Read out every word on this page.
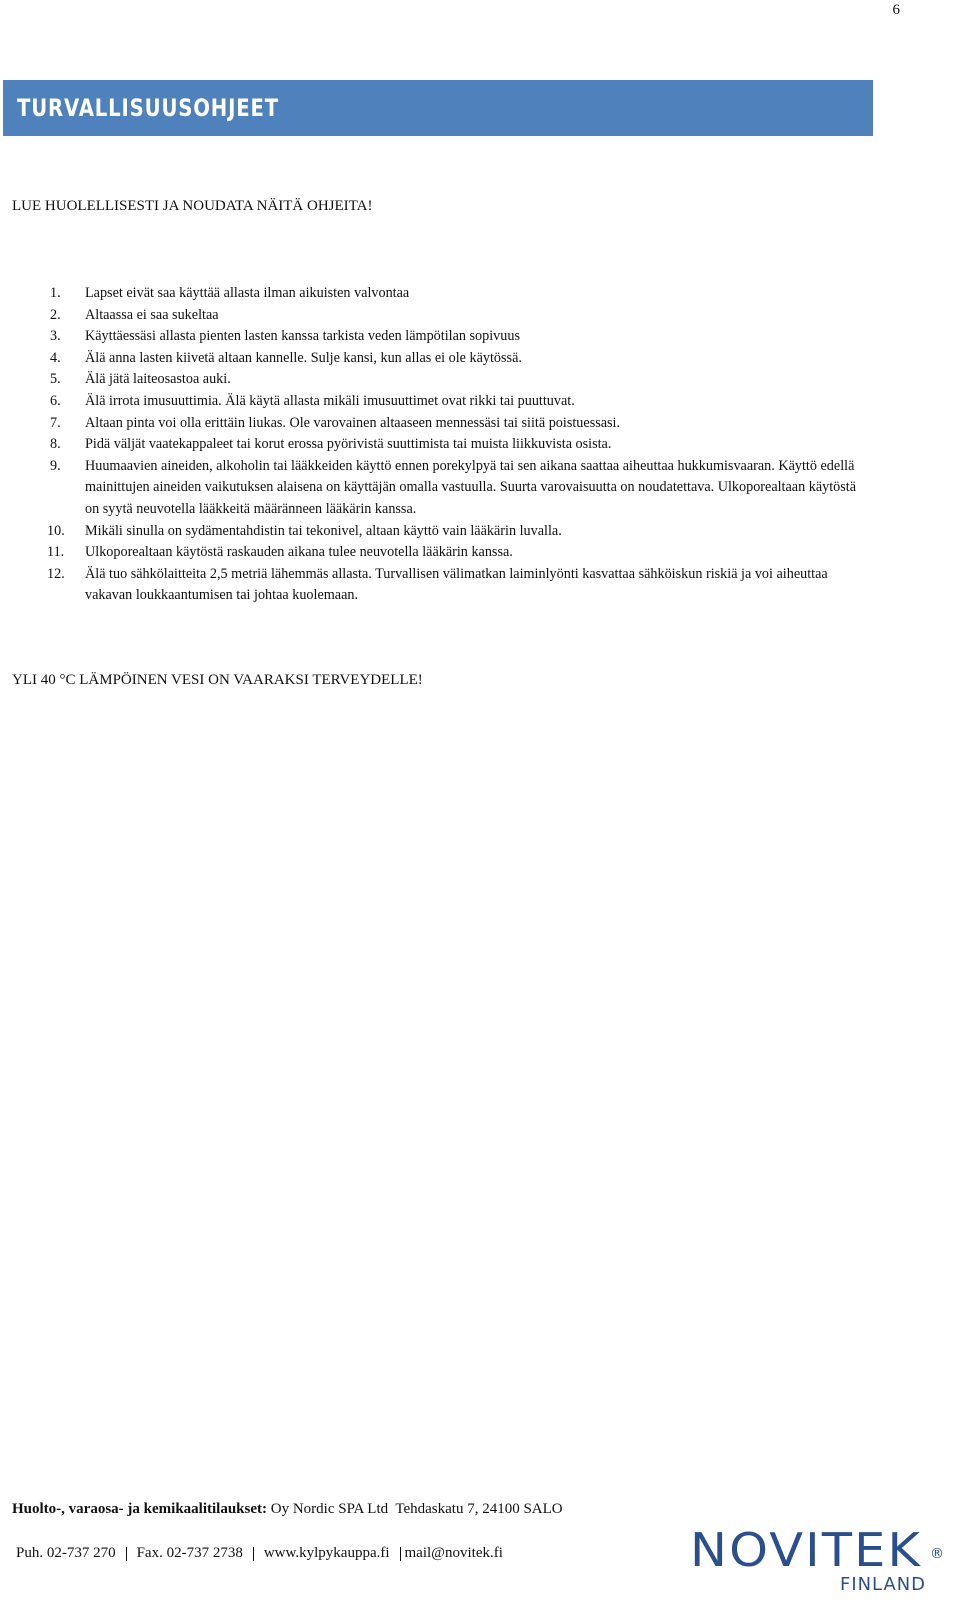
6
TURVALLISUUSOHJEET
LUE HUOLELLISESTI JA NOUDATA NÄITÄ OHJEITA!
1.	Lapset eivät saa käyttää allasta ilman aikuisten valvontaa
2.	Altaassa ei saa sukeltaa
3.	Käyttäessäsi allasta pienten lasten kanssa tarkista veden lämpötilan sopivuus
4.	Älä anna lasten kiivetä altaan kannelle. Sulje kansi, kun allas ei ole käytössä.
5.	Älä jätä laiteosastoa auki.
6.	Älä irrota imusuuttimia. Älä käytä allasta mikäli imusuuttimet ovat rikki tai puuttuvat.
7.	Altaan pinta voi olla erittäin liukas. Ole varovainen altaaseen mennessäsi tai siitä poistuessasi.
8.	Pidä väljät vaatekappaleet tai korut erossa pyörivistä suuttimista tai muista liikkuvista osista.
9.	Huumaavien aineiden, alkoholin tai lääkkeiden käyttö ennen porekylpyä tai sen aikana saattaa aiheuttaa hukkumisvaaran. Käyttö edellä mainittujen aineiden vaikutuksen alaisena on käyttäjän omalla vastuulla. Suurta varovaisuutta on noudatettava. Ulkoporealtaan käytöstä on syytä neuvotella lääkkeitä määränneen lääkärin kanssa.
10.	Mikäli sinulla on sydämentahdistin tai tekonivel, altaan käyttö vain lääkärin luvalla.
11.	Ulkoporealtaan käytöstä raskauden aikana tulee neuvotella lääkärin kanssa.
12.	Älä tuo sähkölaitteita 2,5 metriä lähemmäs allasta. Turvallisen välimatkan laiminlyönti kasvattaa sähköiskun riskiä ja voi aiheuttaa vakavan loukkaantumisen tai johtaa kuolemaan.
YLI 40 °C LÄMPÖINEN VESI ON VAARAKSI TERVEYDELLE!
Huolto-, varaosa- ja kemikaalitilaukset: Oy Nordic SPA Ltd  Tehdaskatu 7, 24100 SALO
Puh. 02-737 270 Fax. 02-737 2738 www.kylpykauppa.fi mail@novitek.fi	NOVITEK ®
FINLAND
